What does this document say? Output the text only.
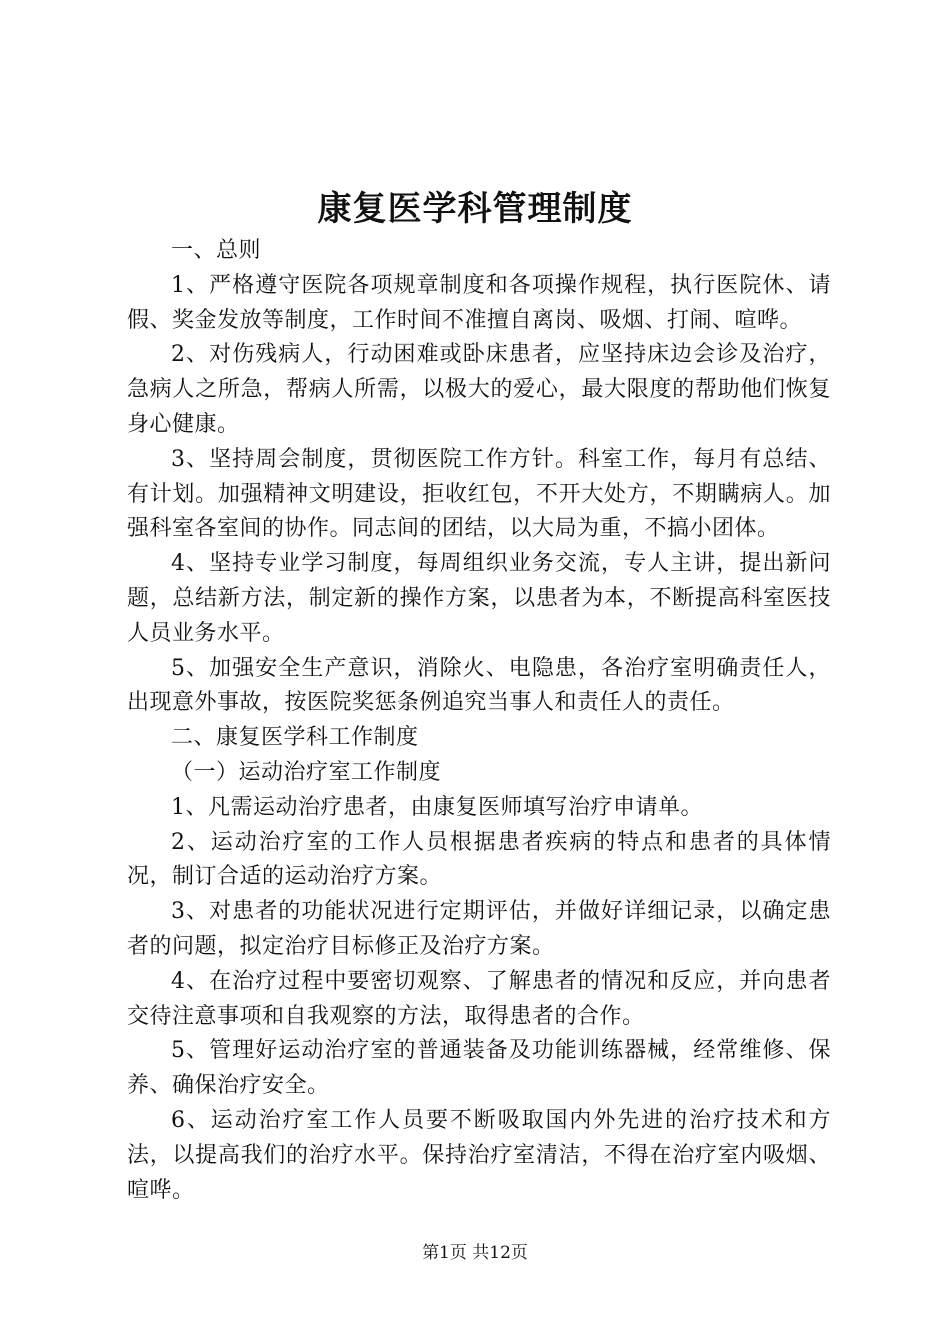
康复医学科管理制度

一、总则

1、严格遵守医院各项规章制度和各项操作规程，执行医院休、请假、奖金发放等制度，工作时间不准擅自离岗、吸烟、打闹、喧哗。

2、对伤残病人，行动困难或卧床患者，应坚持床边会诊及治疗，急病人之所急，帮病人所需，以极大的爱心，最大限度的帮助他们恢复身心健康。

3、坚持周会制度，贯彻医院工作方针。科室工作，每月有总结、有计划。加强精神文明建设，拒收红包，不开大处方，不期瞒病人。加强科室各室间的协作。同志间的团结，以大局为重，不搞小团体。

4、坚持专业学习制度，每周组织业务交流，专人主讲，提出新问题，总结新方法，制定新的操作方案，以患者为本，不断提高科室医技人员业务水平。

5、加强安全生产意识，消除火、电隐患，各治疗室明确责任人，出现意外事故，按医院奖惩条例追究当事人和责任人的责任。

二、康复医学科工作制度

（一）运动治疗室工作制度

1、凡需运动治疗患者，由康复医师填写治疗申请单。

2、运动治疗室的工作人员根据患者疾病的特点和患者的具体情况，制订合适的运动治疗方案。

3、对患者的功能状况进行定期评估，并做好详细记录，以确定患者的问题，拟定治疗目标修正及治疗方案。

4、在治疗过程中要密切观察、了解患者的情况和反应，并向患者交待注意事项和自我观察的方法，取得患者的合作。

5、管理好运动治疗室的普通装备及功能训练器械，经常维修、保养、确保治疗安全。

6、运动治疗室工作人员要不断吸取国内外先进的治疗技术和方法，以提高我们的治疗水平。保持治疗室清洁，不得在治疗室内吸烟、喧哗。

第1页 共12页
